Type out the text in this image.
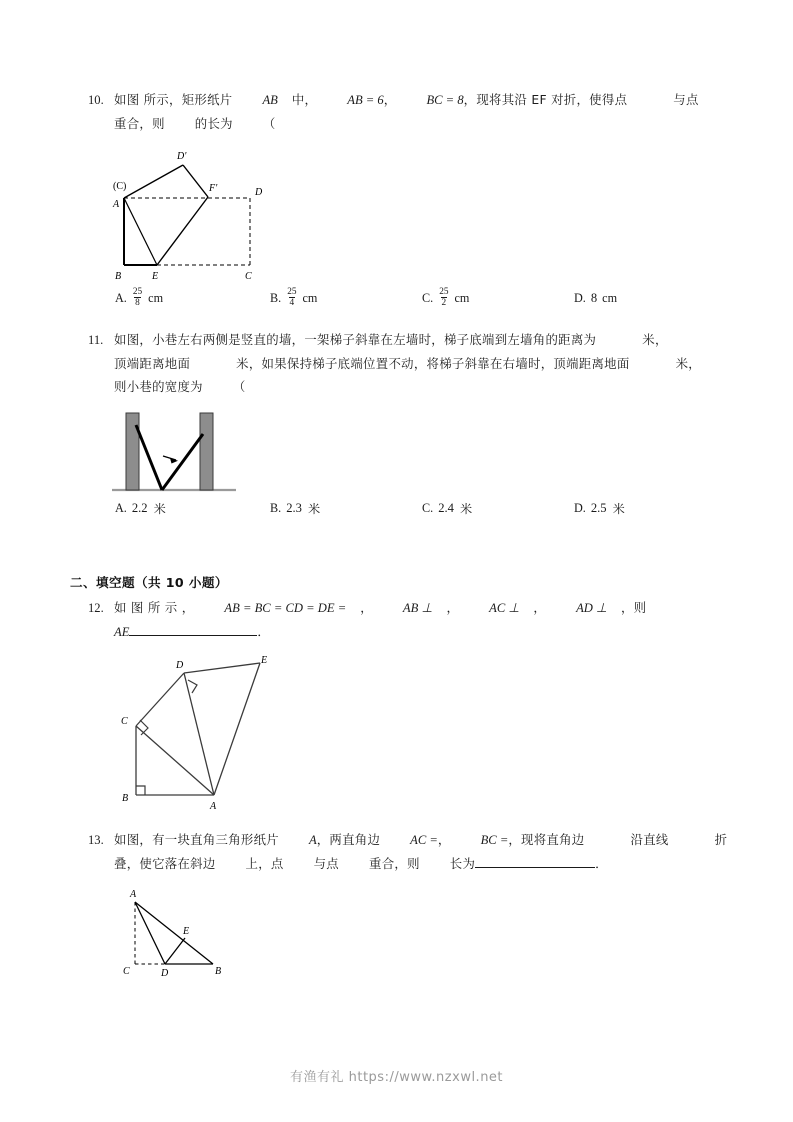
10. 如图 所示，矩形纸片 AB 中， AB = 6 ， BC = 8 ，现将其沿 EF 对折，使得点	与点
重合，则 的长为 （
(C)
A
B	E	C
D
D'
F'
A. $\frac{25}{8}$ cm	B. $\frac{25}{4}$ cm	C. $\frac{25}{2}$ cm	D. 8 cm
11. 如图，小巷左右两侧是竖直的墙，一架梯子斜靠在左墙时，梯子底端到左墙角的距离为	米，
顶端距离地面	米，如果保持梯子底端位置不动，将梯子斜靠在右墙时，顶端距离地面	米，
则小巷的宽度为 （
A. 2.2 米	B. 2.3 米	C. 2.4 米	D. 2.5 米
二、填空题（共 10 小题）
12. 如 图 所 示 ， AB = BC = CD = DE = ， AB ⊥ ， AC ⊥ ， AD ⊥ ，则
AE	．
B
A
C
D	E
13. 如图，有一块直角三角形纸片 A ，两直角边 AC = ， BC = ，现将直角边	沿直线	折
叠，使它落在斜边 上，点 与点 重合，则 长为	．
A
C	D	B
E
有渔有礼 https://www.nzxwl.net
